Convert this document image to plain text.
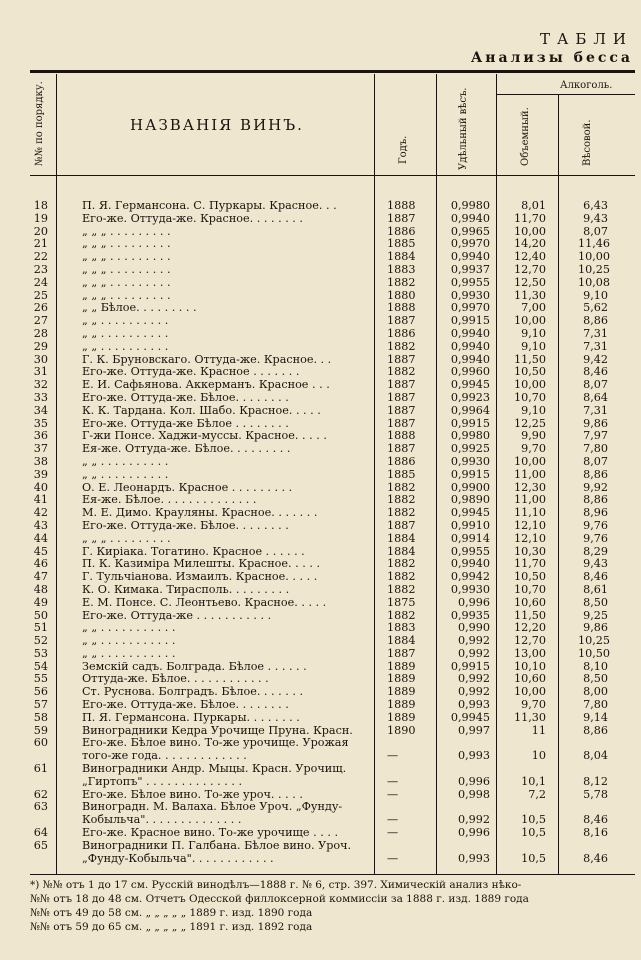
ТАБЛИ
Анализы бесса
№№ по порядку.	НАЗВАНІЯ ВИНЪ.
Годъ.	Удѣльный вѣсъ.
Алкоголь.
Объемный.	Вѣсовой.
18	П. Я. Германсона. С. Пуркары. Красное. . .	1888	0,9980	8,01	6,43
19	Его-же. Оттуда-же. Красное. . . . . . . .	1887	0,9940	11,70	9,43
20	„ „ „ . . . . . . . . .	1886	0,9965	10,00	8,07
21	„ „ „ . . . . . . . . .	1885	0,9970	14,20	11,46
22	„ „ „ . . . . . . . . .	1884	0,9940	12,40	10,00
23	„ „ „ . . . . . . . . .	1883	0,9937	12,70	10,25
24	„ „ „ . . . . . . . . .	1882	0,9955	12,50	10,08
25	„ „ „ . . . . . . . . .	1880	0,9930	11,30	9,10
26	„ „ Бѣлое. . . . . . . . .	1888	0,9970	7,00	5,62
27	„ „ . . . . . . . . . .	1887	0,9915	10,00	8,86
28	„ „ . . . . . . . . . .	1886	0,9940	9,10	7,31
29	„ „ . . . . . . . . . .	1882	0,9940	9,10	7,31
30	Г. К. Бруновскаго. Оттуда-же. Красное. . .	1887	0,9940	11,50	9,42
31	Его-же. Оттуда-же. Красное . . . . . . .	1882	0,9960	10,50	8,46
32	Е. И. Сафьянова. Аккерманъ. Красное . . .	1887	0,9945	10,00	8,07
33	Его-же. Оттуда-же. Бѣлое. . . . . . . .	1887	0,9923	10,70	8,64
34	К. К. Тардана. Кол. Шабо. Красное. . . . .	1887	0,9964	9,10	7,31
35	Его-же. Оттуда-же Бѣлое . . . . . . . .	1887	0,9915	12,25	9,86
36	Г-жи Понсе. Хаджи-муссы. Красное. . . . .	1888	0,9980	9,90	7,97
37	Ея-же. Оттуда-же. Бѣлое. . . . . . . . .	1887	0,9925	9,70	7,80
38	„ „ . . . . . . . . . .	1886	0,9930	10,00	8,07
39	„ „ . . . . . . . . . .	1885	0,9915	11,00	8,86
40	О. Е. Леонардъ. Красное . . . . . . . . .	1882	0,9900	12,30	9,92
41	Ея-же. Бѣлое. . . . . . . . . . . . . .	1882	0,9890	11,00	8,86
42	М. Е. Димо. Крауляны. Красное. . . . . . .	1882	0,9945	11,10	8,96
43	Его-же. Оттуда-же. Бѣлое. . . . . . . .	1887	0,9910	12,10	9,76
44	„ „ „ . . . . . . . . .	1884	0,9914	12,10	9,76
45	Г. Киріака. Тогатино. Красное . . . . . .	1884	0,9955	10,30	8,29
46	П. К. Казиміра Милешты. Красное. . . . .	1882	0,9940	11,70	9,43
47	Г. Тульчіанова. Измаилъ. Красное. . . . .	1882	0,9942	10,50	8,46
48	К. О. Кимака. Тирасполь. . . . . . . . .	1882	0,9930	10,70	8,61
49	Е. М. Понсе. С. Леонтьево. Красное. . . . .	1875	0,996	10,60	8,50
50	Его-же. Оттуда-же . . . . . . . . . . .	1882	0,9935	11,50	9,25
51	„ „ . . . . . . . . . . .	1883	0,990	12,20	9,86
52	„ „ . . . . . . . . . . .	1884	0,992	12,70	10,25
53	„ „ . . . . . . . . . . .	1887	0,992	13,00	10,50
54	Земскій садъ. Болграда. Бѣлое . . . . . .	1889	0,9915	10,10	8,10
55	Оттуда-же. Бѣлое. . . . . . . . . . . .	1889	0,992	10,60	8,50
56	Ст. Руснова. Болградъ. Бѣлое. . . . . . .	1889	0,992	10,00	8,00
57	Его-же. Оттуда-же. Бѣлое. . . . . . . .	1889	0,993	9,70	7,80
58	П. Я. Германсона. Пуркары. . . . . . . .	1889	0,9945	11,30	9,14
59	Виноградники Кедра Урочище Пруна. Красн.	1890	0,997	11	8,86
60	Его-же. Бѣлое вино. То-же урочище. Урожая того-же года. . . . . . . . . . . . .	—	0,993	10	8,04
61	Виноградники Андр. Мыцы. Красн. Урочищ. „Гиртопъ" . . . . . . . . . . . . . .	—	0,996	10,1	8,12
62	Его-же. Бѣлое вино. То-же уроч. . . . .	—	0,998	7,2	5,78
63	Виноградн. М. Валаха. Бѣлое Уроч. „Фунду-Кобыльча". . . . . . . . . . . . . .	—	0,992	10,5	8,46
64	Его-же. Красное вино. То-же урочище . . . .	—	0,996	10,5	8,16
65	Виноградники П. Галбана. Бѣлое вино. Уроч. „Фунду-Кобыльча". . . . . . . . . . . .	—	0,993	10,5	8,46
*) №№ отъ 1 до 17 см. Русскій винодѣлъ—1888 г. № 6, стр. 397. Химическій анализ нѣко-
№№ отъ 18 до 48 см. Отчетъ Одесской филлоксерной коммиссіи за 1888 г. изд. 1889 года
№№ отъ 49 до 58 см. „ „ „ „ „ 1889 г. изд. 1890 года
№№ отъ 59 до 65 см. „ „ „ „ „ 1891 г. изд. 1892 годa
